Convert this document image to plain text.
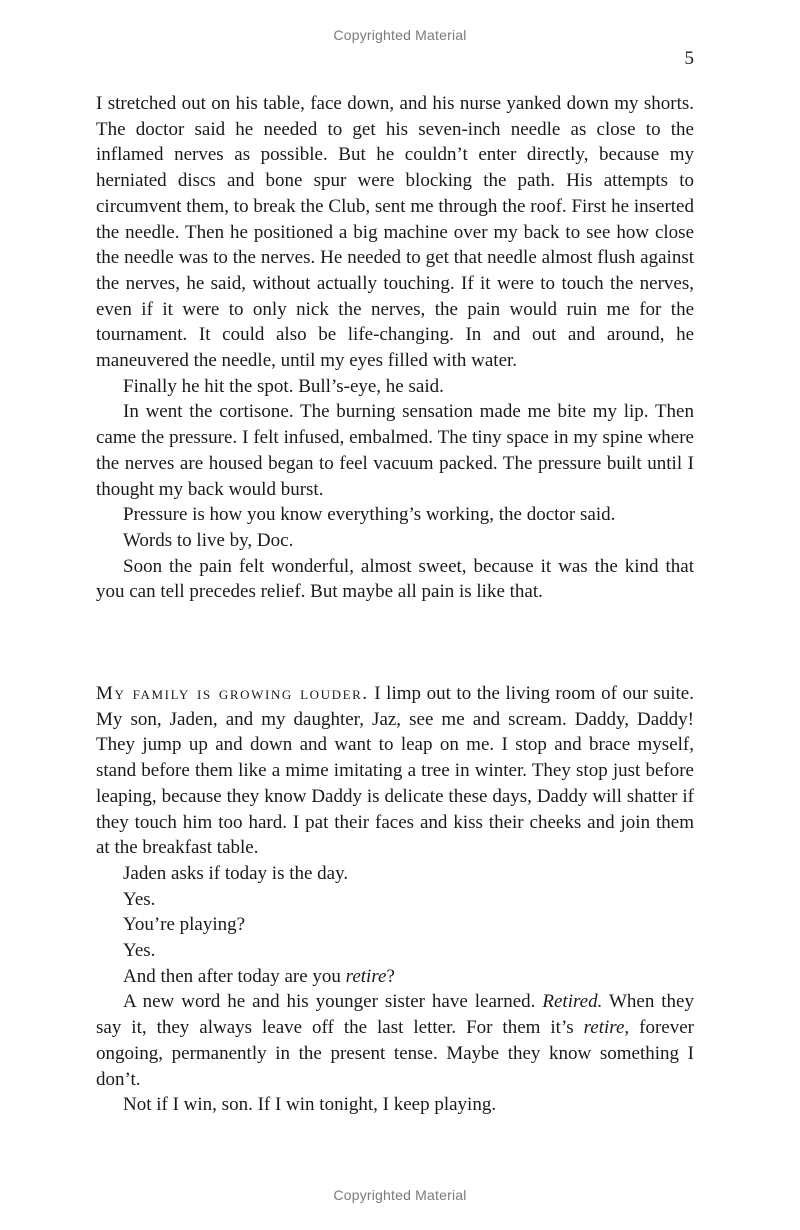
Copyrighted Material
5

I stretched out on his table, face down, and his nurse yanked down my shorts. The doctor said he needed to get his seven-inch needle as close to the inflamed nerves as possible. But he couldn’t enter directly, because my herniated discs and bone spur were blocking the path. His attempts to circumvent them, to break the Club, sent me through the roof. First he inserted the needle. Then he positioned a big machine over my back to see how close the needle was to the nerves. He needed to get that needle almost flush against the nerves, he said, without actually touching. If it were to touch the nerves, even if it were to only nick the nerves, the pain would ruin me for the tournament. It could also be life-changing. In and out and around, he maneuvered the needle, until my eyes filled with water.

Finally he hit the spot. Bull’s-eye, he said.

In went the cortisone. The burning sensation made me bite my lip. Then came the pressure. I felt infused, embalmed. The tiny space in my spine where the nerves are housed began to feel vacuum packed. The pressure built until I thought my back would burst.

Pressure is how you know everything’s working, the doctor said.

Words to live by, Doc.

Soon the pain felt wonderful, almost sweet, because it was the kind that you can tell precedes relief. But maybe all pain is like that.

My family is growing louder. I limp out to the living room of our suite. My son, Jaden, and my daughter, Jaz, see me and scream. Daddy, Daddy! They jump up and down and want to leap on me. I stop and brace myself, stand before them like a mime imitating a tree in winter. They stop just before leaping, because they know Daddy is delicate these days, Daddy will shatter if they touch him too hard. I pat their faces and kiss their cheeks and join them at the breakfast table.

Jaden asks if today is the day.

Yes.

You’re playing?

Yes.

And then after today are you retire?

A new word he and his younger sister have learned. Retired. When they say it, they always leave off the last letter. For them it’s retire, forever ongoing, permanently in the present tense. Maybe they know something I don’t.

Not if I win, son. If I win tonight, I keep playing.

Copyrighted Material
